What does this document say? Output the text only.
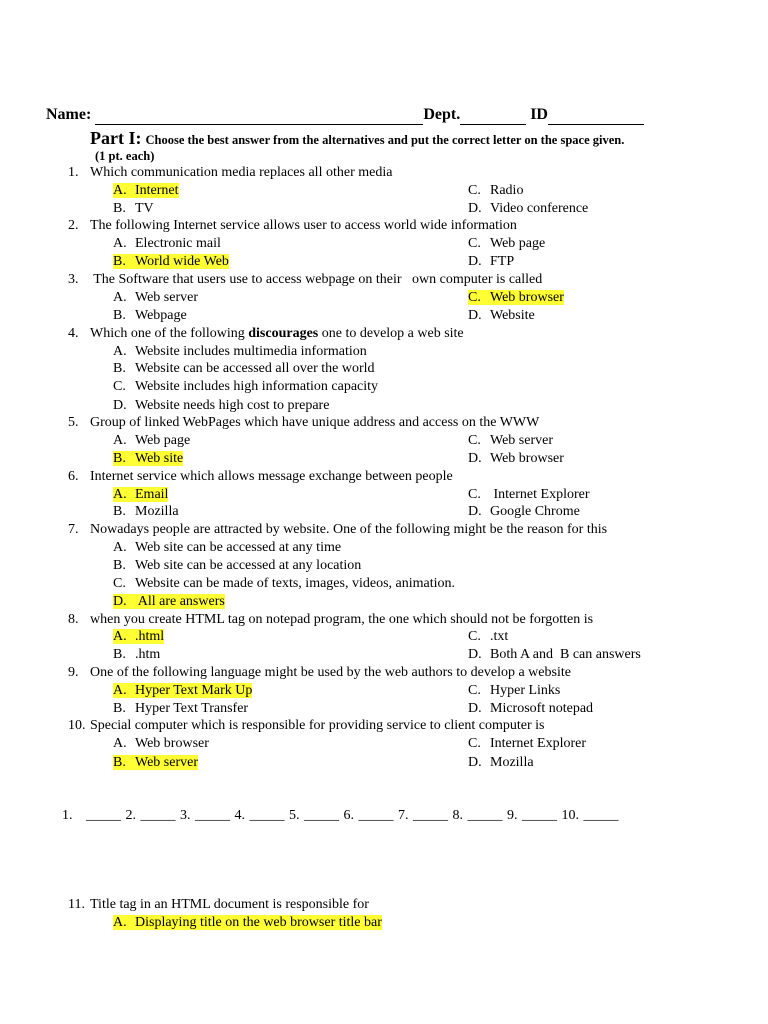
Name:	Dept.	ID
Part I: Choose the best answer from the alternatives and put the correct letter on the space given.
(1 pt. each)
1. Which communication media replaces all other media
A. Internet	C. Radio
B. TV	D. Video conference
2. The following Internet service allows user to access world wide information
A. Electronic mail	C. Web page
B. World wide Web	D. FTP
3. The Software that users use to access webpage on their   own computer is called
A. Web server	C. Web browser
B. Webpage	D. Website
4. Which one of the following discourages one to develop a web site
A. Website includes multimedia information
B. Website can be accessed all over the world
C. Website includes high information capacity
D. Website needs high cost to prepare
5. Group of linked WebPages which have unique address and access on the WWW
A. Web page	C. Web server
B. Web site	D. Web browser
6. Internet service which allows message exchange between people
A. Email	C. Internet Explorer
B. Mozilla	D. Google Chrome
7. Nowadays people are attracted by website. One of the following might be the reason for this
A. Web site can be accessed at any time
B. Web site can be accessed at any location
C. Website can be made of texts, images, videos, animation.
D. All are answers
8. when you create HTML tag on notepad program, the one which should not be forgotten is
A. .html	C. .txt
B. .htm	D. Both A and  B can answers
9. One of the following language might be used by the web authors to develop a website
A. Hyper Text Mark Up	C. Hyper Links
B. Hyper Text Transfer	D. Microsoft notepad
10. Special computer which is responsible for providing service to client computer is
A. Web browser	C. Internet Explorer
B. Web server	D. Mozilla
1.   _____ 2. _____ 3. _____ 4. _____ 5. _____ 6. _____ 7. _____ 8. _____ 9. _____ 10. _____
11. Title tag in an HTML document is responsible for
A. Displaying title on the web browser title bar
